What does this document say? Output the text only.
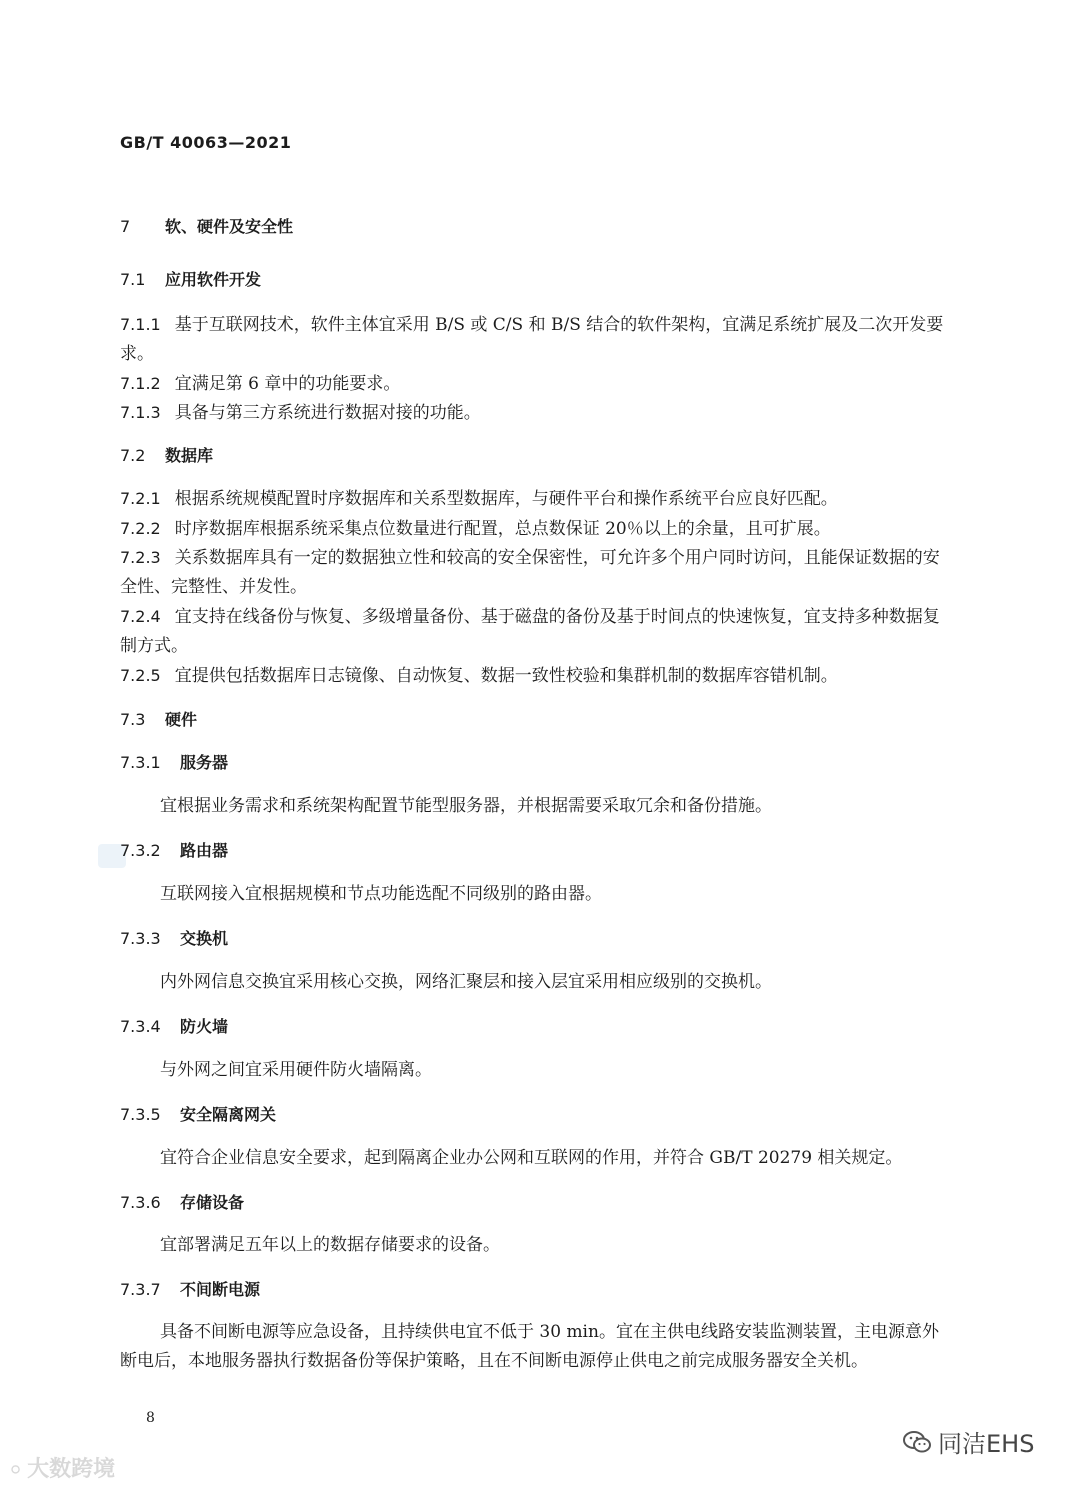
GB/T 40063—2021
7 软、硬件及安全性
7.1 应用软件开发
7.1.1 基于互联网技术，软件主体宜采用 B/S 或 C/S 和 B/S 结合的软件架构，宜满足系统扩展及二次开发要求。
7.1.2 宜满足第 6 章中的功能要求。
7.1.3 具备与第三方系统进行数据对接的功能。
7.2 数据库
7.2.1 根据系统规模配置时序数据库和关系型数据库，与硬件平台和操作系统平台应良好匹配。
7.2.2 时序数据库根据系统采集点位数量进行配置，总点数保证 20％以上的余量，且可扩展。
7.2.3 关系数据库具有一定的数据独立性和较高的安全保密性，可允许多个用户同时访问，且能保证数据的安全性、完整性、并发性。
7.2.4 宜支持在线备份与恢复、多级增量备份、基于磁盘的备份及基于时间点的快速恢复，宜支持多种数据复制方式。
7.2.5 宜提供包括数据库日志镜像、自动恢复、数据一致性校验和集群机制的数据库容错机制。
7.3 硬件
7.3.1 服务器
宜根据业务需求和系统架构配置节能型服务器，并根据需要采取冗余和备份措施。
7.3.2 路由器
互联网接入宜根据规模和节点功能选配不同级别的路由器。
7.3.3 交换机
内外网信息交换宜采用核心交换，网络汇聚层和接入层宜采用相应级别的交换机。
7.3.4 防火墙
与外网之间宜采用硬件防火墙隔离。
7.3.5 安全隔离网关
宜符合企业信息安全要求，起到隔离企业办公网和互联网的作用，并符合 GB/T 20279 相关规定。
7.3.6 存储设备
宜部署满足五年以上的数据存储要求的设备。
7.3.7 不间断电源
具备不间断电源等应急设备，且持续供电宜不低于 30 min。宜在主供电线路安装监测装置，主电源意外断电后，本地服务器执行数据备份等保护策略，且在不间断电源停止供电之前完成服务器安全关机。
8
⚪ 大数跨境
同洁EHS
